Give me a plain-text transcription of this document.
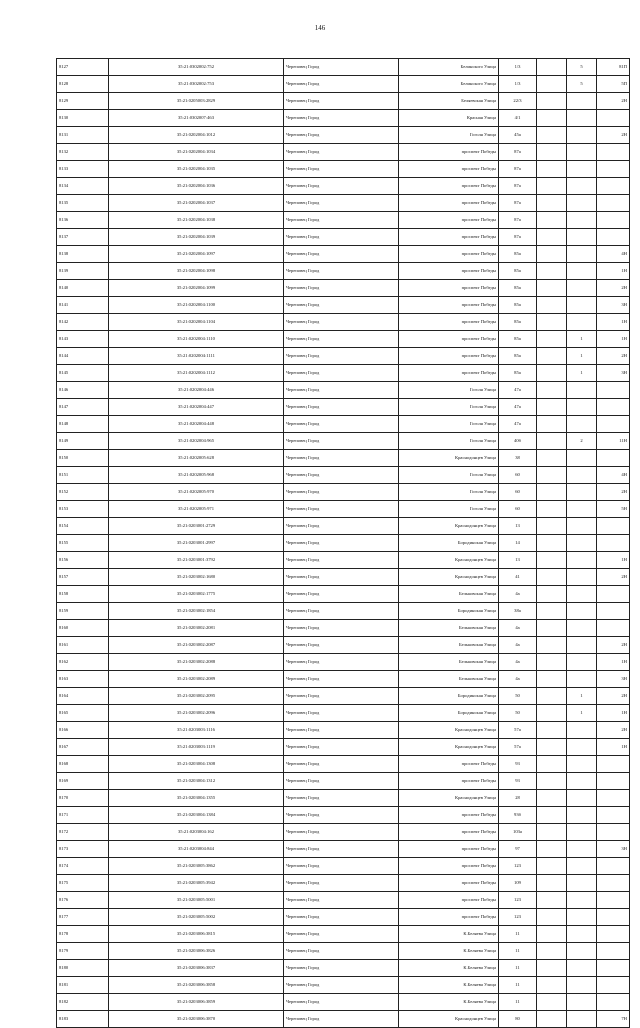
146
8127	35:21:0302002:752	Череповец Город	Белинского Улица	1/3		5	81П
8128	35:21:0302002:753	Череповец Город	Белинского Улица	1/3		5	5П
8129	35:21:0205003:2829	Череповец Город	Беляевская Улица	22/3			2Н
8130	35:21:0302007:463	Череповец Город	Красная Улица	4/1			
8131	35:21:0202004:1012	Череповец Город	Гоголя Улица	45а			2Н
8132	35:21:0202004:1034	Череповец Город	проспект Победы	87а			
8133	35:21:0202004:1035	Череповец Город	проспект Победы	87а			
8134	35:21:0202004:1036	Череповец Город	проспект Победы	87а			
8135	35:21:0202004:1037	Череповец Город	проспект Победы	87а			
8136	35:21:0202004:1038	Череповец Город	проспект Победы	87а			
8137	35:21:0202004:1039	Череповец Город	проспект Победы	87а			
8138	35:21:0202004:1097	Череповец Город	проспект Победы	85а			4Н
8139	35:21:0202004:1098	Череповец Город	проспект Победы	85а			1Н
8140	35:21:0202004:1099	Череповец Город	проспект Победы	85а			2Н
8141	35:21:0202004:1100	Череповец Город	проспект Победы	85а			3Н
8142	35:21:0202004:1104	Череповец Город	проспект Победы	85а			1Н
8143	35:21:0202004:1110	Череповец Город	проспект Победы	85а		1	1Н
8144	35:21:0202004:1111	Череповец Город	проспект Победы	85а		1	2Н
8145	35:21:0202004:1112	Череповец Город	проспект Победы	85а		1	3Н
8146	35:21:0202004:446	Череповец Город	Гоголя Улица	47а			
8147	35:21:0202004:447	Череповец Город	Гоголя Улица	47а			
8148	35:21:0202004:448	Череповец Город	Гоголя Улица	47а			
8149	35:21:0202004:965	Череповец Город	Гоголя Улица	40б		2	11Н
8150	35:21:0202005:628	Череповец Город	Краснодонцев Улица	38			
8151	35:21:0202005:968	Череповец Город	Гоголя Улица	60			4Н
8152	35:21:0202005:970	Череповец Город	Гоголя Улица	60			2Н
8153	35:21:0202005:971	Череповец Город	Гоголя Улица	60			5Н
8154	35:21:0203001:2729	Череповец Город	Краснодонцев Улица	13			
8155	35:21:0203001:2997	Череповец Город	Бородинская Улица	14			
8156	35:21:0203001:3792	Череповец Город	Краснодонцев Улица	13			1Н
8157	35:21:0203002:1680	Череповец Город	Краснодонцев Улица	41			2Н
8158	35:21:0203002:1775	Череповец Город	Бельковская Улица	4а			
8159	35:21:0203002:1854	Череповец Город	Бородинская Улица	38а			
8160	35:21:0203002:2081	Череповец Город	Бельковская Улица	4а			
8161	35:21:0203002:2087	Череповец Город	Бельковская Улица	4а			2Н
8162	35:21:0203002:2088	Череповец Город	Бельковская Улица	4а			1Н
8163	35:21:0203002:2089	Череповец Город	Бельковская Улица	4а			3Н
8164	35:21:0203002:2095	Череповец Город	Бородинская Улица	50		1	2Н
8165	35:21:0203002:2096	Череповец Город	Бородинская Улица	50		1	1Н
8166	35:21:0203003:1116	Череповец Город	Краснодонцев Улица	57а			2Н
8167	35:21:0203003:1119	Череповец Город	Краснодонцев Улица	57а			1Н
8168	35:21:0203004:1308	Череповец Город	проспект Победы	93			
8169	35:21:0203004:1312	Череповец Город	проспект Победы	93			
8170	35:21:0203004:1355	Череповец Город	Краснодонцев Улица	28			
8171	35:21:0203004:1384	Череповец Город	проспект Победы	93б			
8172	35:21:0203004:162	Череповец Город	проспект Победы	103а			
8173	35:21:0203004:844	Череповец Город	проспект Победы	97			3Н
8174	35:21:0203005:3862	Череповец Город	проспект Победы	123			
8175	35:21:0203005:3942	Череповец Город	проспект Победы	109			
8176	35:21:0203005:5001	Череповец Город	проспект Победы	123			
8177	35:21:0203005:5002	Череповец Город	проспект Победы	123			
8178	35:21:0203006:3815	Череповец Город	К.Беляева Улица	11			
8179	35:21:0203006:3826	Череповец Город	К.Беляева Улица	11			
8180	35:21:0203006:3837	Череповец Город	К.Беляева Улица	11			
8181	35:21:0203006:3858	Череповец Город	К.Беляева Улица	11			
8182	35:21:0203006:3859	Череповец Город	К.Беляева Улица	11			
8183	35:21:0203006:3870	Череповец Город	Краснодонцев Улица	80			7Н
